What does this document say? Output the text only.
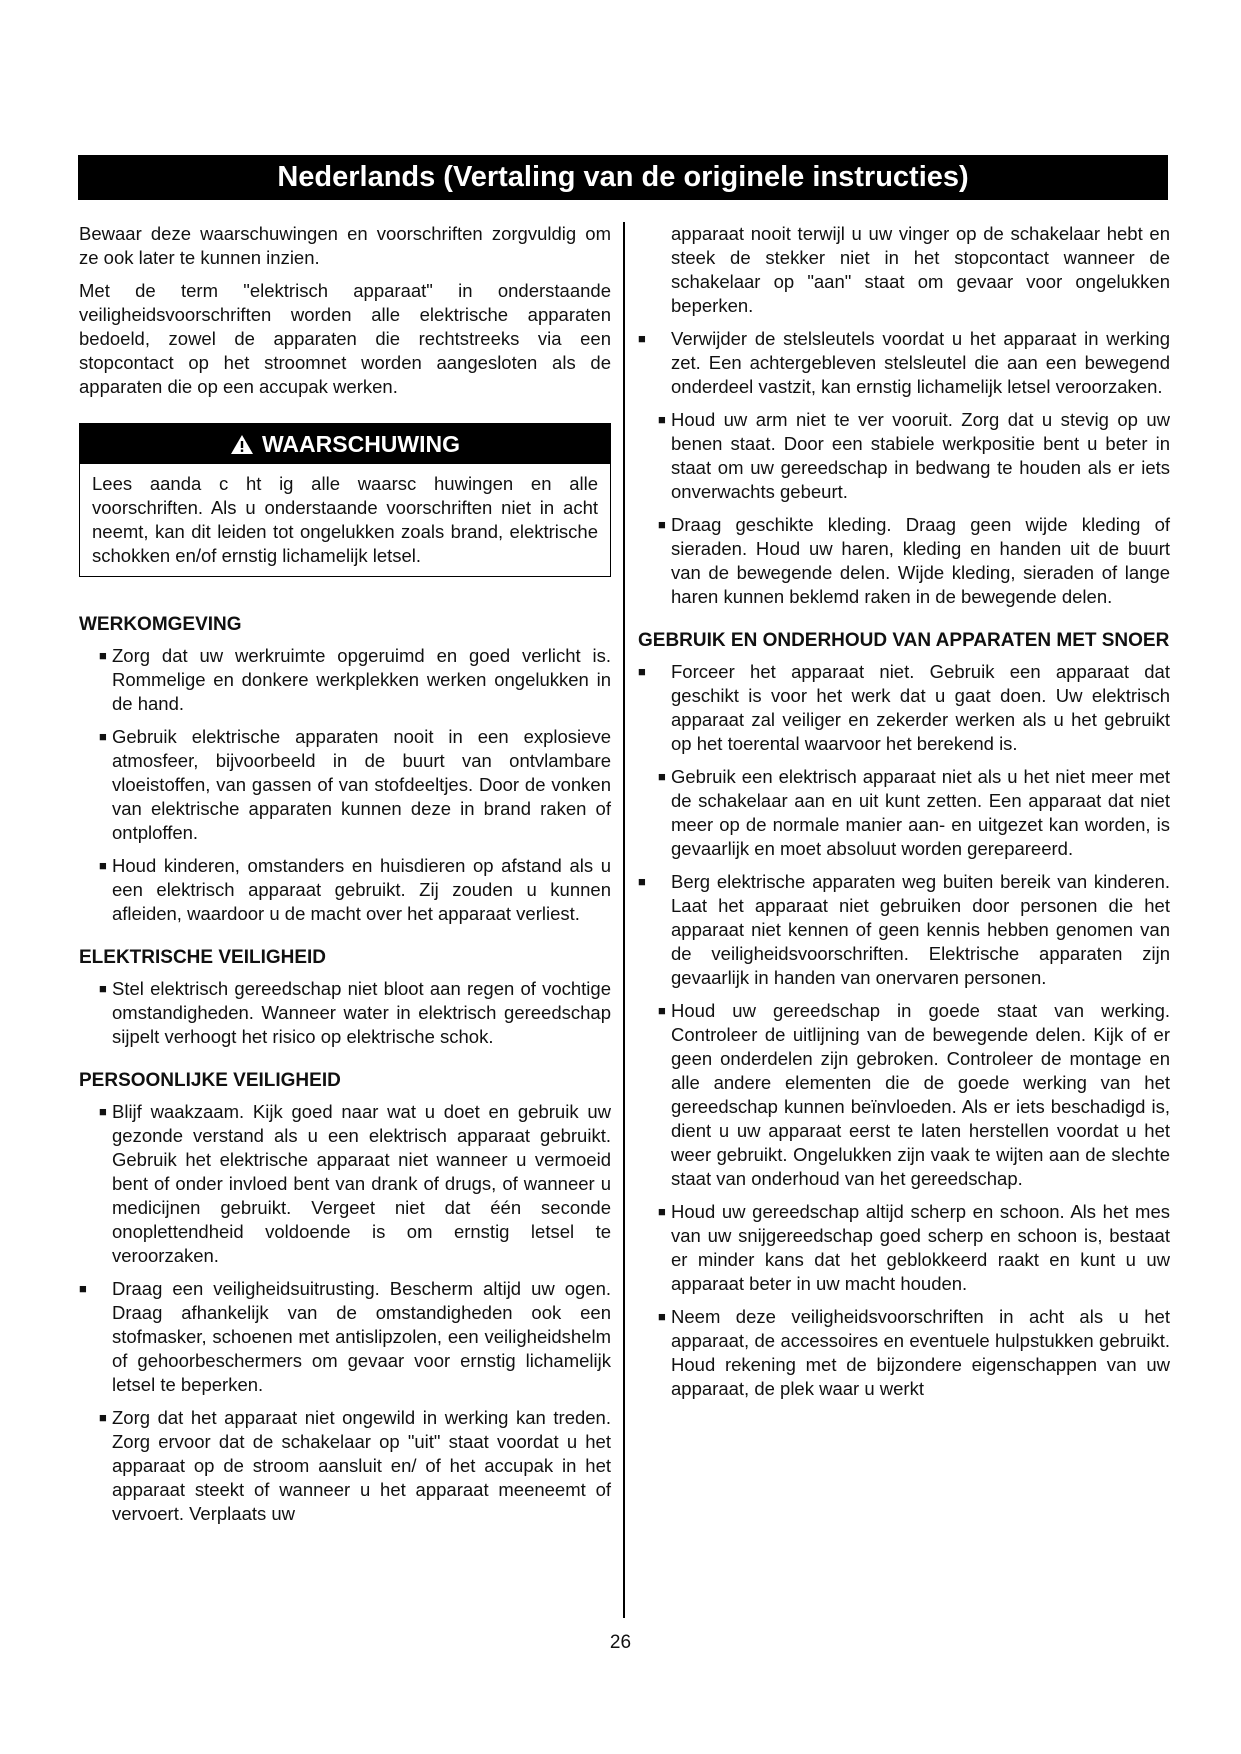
Nederlands (Vertaling van de originele instructies)

Bewaar deze waarschuwingen en voorschriften zorgvuldig om ze ook later te kunnen inzien.

Met de term "elektrisch apparaat" in onderstaande veiligheidsvoorschriften worden alle elektrische apparaten bedoeld, zowel de apparaten die rechtstreeks via een stopcontact op het stroomnet worden aangesloten als de apparaten die op een accupak werken.

WAARSCHUWING
Lees aanda c ht ig alle waarsc huwingen en alle voorschriften. Als u onderstaande voorschriften niet in acht neemt, kan dit leiden tot ongelukken zoals brand, elektrische schokken en/of ernstig lichamelijk letsel.
WERKOMGEVING
■ Zorg dat uw werkruimte opgeruimd en goed verlicht is. Rommelige en donkere werkplekken werken ongelukken in de hand.
■ Gebruik elektrische apparaten nooit in een explosieve atmosfeer, bijvoorbeeld in de buurt van ontvlambare vloeistoffen, van gassen of van stofdeeltjes. Door de vonken van elektrische apparaten kunnen deze in brand raken of ontploffen.
■ Houd kinderen, omstanders en huisdieren op afstand als u een elektrisch apparaat gebruikt. Zij zouden u kunnen afleiden, waardoor u de macht over het apparaat verliest.
ELEKTRISCHE VEILIGHEID
■ Stel elektrisch gereedschap niet bloot aan regen of vochtige omstandigheden. Wanneer water in elektrisch gereedschap sijpelt verhoogt het risico op elektrische schok.
PERSOONLIJKE VEILIGHEID
■ Blijf waakzaam. Kijk goed naar wat u doet en gebruik uw gezonde verstand als u een elektrisch apparaat gebruikt. Gebruik het elektrische apparaat niet wanneer u vermoeid bent of onder invloed bent van drank of drugs, of wanneer u medicijnen gebruikt. Vergeet niet dat één seconde onoplettendheid voldoende is om ernstig letsel te veroorzaken.
■ Draag een veiligheidsuitrusting. Bescherm altijd uw ogen. Draag afhankelijk van de omstandigheden ook een stofmasker, schoenen met antislipzolen, een veiligheidshelm of gehoorbeschermers om gevaar voor ernstig lichamelijk letsel te beperken.
■ Zorg dat het apparaat niet ongewild in werking kan treden. Zorg ervoor dat de schakelaar op "uit" staat voordat u het apparaat op de stroom aansluit en/ of het accupak in het apparaat steekt of wanneer u het apparaat meeneemt of vervoert. Verplaats uw
apparaat nooit terwijl u uw vinger op de schakelaar hebt en steek de stekker niet in het stopcontact wanneer de schakelaar op "aan" staat om gevaar voor ongelukken beperken.
■ Verwijder de stelsleutels voordat u het apparaat in werking zet. Een achtergebleven stelsleutel die aan een bewegend onderdeel vastzit, kan ernstig lichamelijk letsel veroorzaken.
■ Houd uw arm niet te ver vooruit. Zorg dat u stevig op uw benen staat. Door een stabiele werkpositie bent u beter in staat om uw gereedschap in bedwang te houden als er iets onverwachts gebeurt.
■ Draag geschikte kleding. Draag geen wijde kleding of sieraden. Houd uw haren, kleding en handen uit de buurt van de bewegende delen. Wijde kleding, sieraden of lange haren kunnen beklemd raken in de bewegende delen.
GEBRUIK EN ONDERHOUD VAN APPARATEN MET SNOER
■ Forceer het apparaat niet. Gebruik een apparaat dat geschikt is voor het werk dat u gaat doen. Uw elektrisch apparaat zal veiliger en zekerder werken als u het gebruikt op het toerental waarvoor het berekend is.
■ Gebruik een elektrisch apparaat niet als u het niet meer met de schakelaar aan en uit kunt zetten. Een apparaat dat niet meer op de normale manier aan- en uitgezet kan worden, is gevaarlijk en moet absoluut worden gerepareerd.
■ Berg elektrische apparaten weg buiten bereik van kinderen. Laat het apparaat niet gebruiken door personen die het apparaat niet kennen of geen kennis hebben genomen van de veiligheidsvoorschriften. Elektrische apparaten zijn gevaarlijk in handen van onervaren personen.
■ Houd uw gereedschap in goede staat van werking. Controleer de uitlijning van de bewegende delen. Kijk of er geen onderdelen zijn gebroken. Controleer de montage en alle andere elementen die de goede werking van het gereedschap kunnen beïnvloeden. Als er iets beschadigd is, dient u uw apparaat eerst te laten herstellen voordat u het weer gebruikt. Ongelukken zijn vaak te wijten aan de slechte staat van onderhoud van het gereedschap.
■ Houd uw gereedschap altijd scherp en schoon. Als het mes van uw snijgereedschap goed scherp en schoon is, bestaat er minder kans dat het geblokkeerd raakt en kunt u uw apparaat beter in uw macht houden.
■ Neem deze veiligheidsvoorschriften in acht als u het apparaat, de accessoires en eventuele hulpstukken gebruikt. Houd rekening met de bijzondere eigenschappen van uw apparaat, de plek waar u werkt
26
